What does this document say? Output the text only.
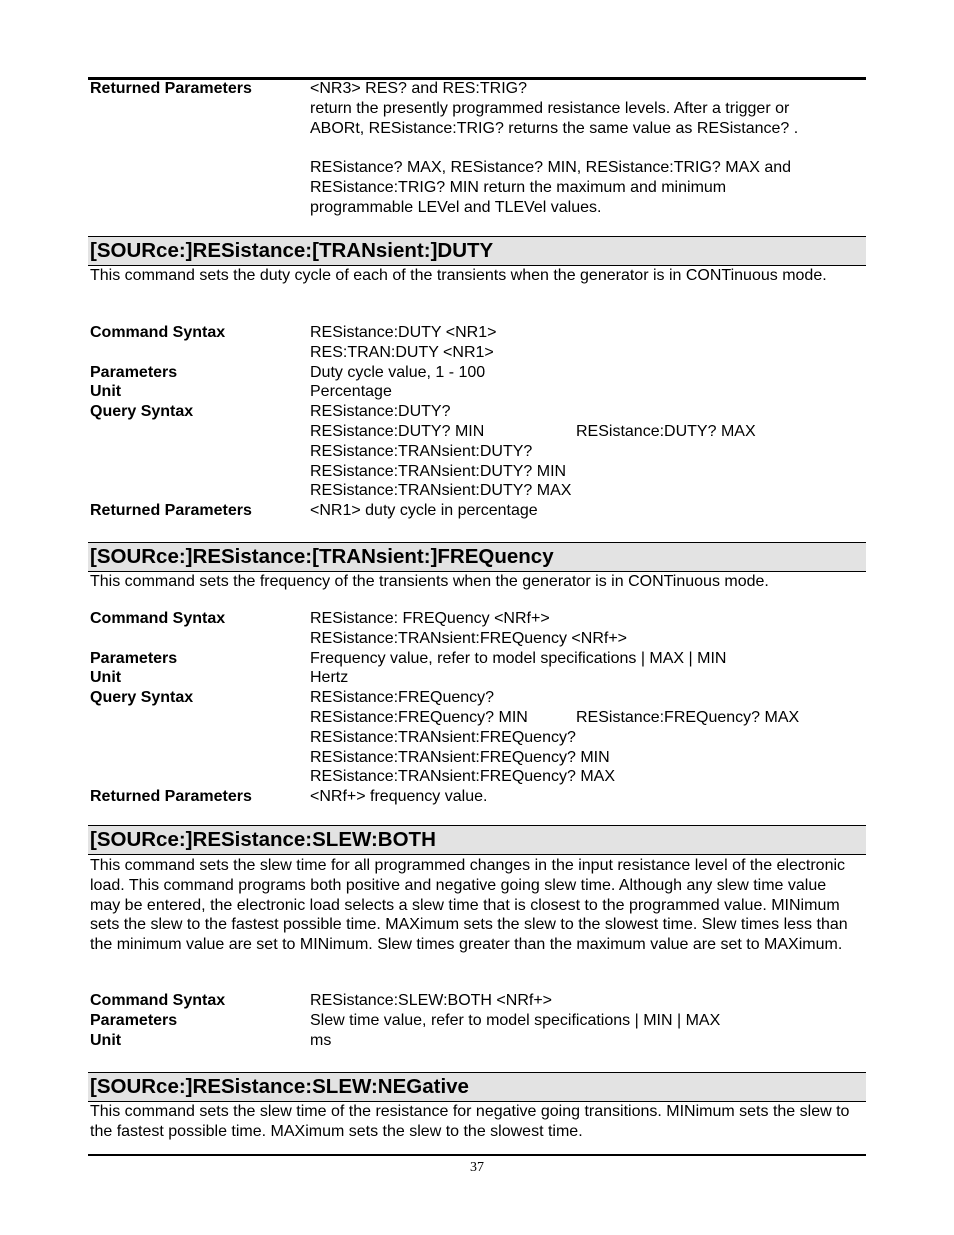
Returned Parameters	<NR3> RES? and RES:TRIG?
return the presently programmed resistance levels. After a trigger or
ABORt, RESistance:TRIG? returns the same value as RESistance? .
RESistance? MAX, RESistance? MIN, RESistance:TRIG? MAX and
RESistance:TRIG? MIN return the maximum and minimum
programmable LEVel and TLEVel values.
[SOURce:]RESistance:[TRANsient:]DUTY
This command sets the duty cycle of each of the transients when the generator is in CONTinuous mode.
Command Syntax	RESistance:DUTY <NR1>
RES:TRAN:DUTY <NR1>
Parameters	Duty cycle value, 1 - 100
Unit	Percentage
Query Syntax	RESistance:DUTY?
RESistance:DUTY? MIN	RESistance:DUTY? MAX
RESistance:TRANsient:DUTY?
RESistance:TRANsient:DUTY? MIN
RESistance:TRANsient:DUTY? MAX
Returned Parameters	<NR1> duty cycle in percentage
[SOURce:]RESistance:[TRANsient:]FREQuency
This command sets the frequency of the transients when the generator is in CONTinuous mode.
Command Syntax	RESistance: FREQuency <NRf+>
RESistance:TRANsient:FREQuency <NRf+>
Parameters	Frequency value, refer to model specifications | MAX | MIN
Unit	Hertz
Query Syntax	RESistance:FREQuency?
RESistance:FREQuency? MIN	RESistance:FREQuency? MAX
RESistance:TRANsient:FREQuency?
RESistance:TRANsient:FREQuency? MIN
RESistance:TRANsient:FREQuency? MAX
Returned Parameters	<NRf+> frequency value.
[SOURce:]RESistance:SLEW:BOTH
This command sets the slew time for all programmed changes in the input resistance level of the electronic load. This command programs both positive and negative going slew time. Although any slew time value may be entered, the electronic load selects a slew time that is closest to the programmed value. MINimum sets the slew to the fastest possible time. MAXimum sets the slew to the slowest time. Slew times less than the minimum value are set to MINimum. Slew times greater than the maximum value are set to MAXimum.
Command Syntax	RESistance:SLEW:BOTH <NRf+>
Parameters	Slew time value, refer to model specifications | MIN | MAX
Unit	ms
[SOURce:]RESistance:SLEW:NEGative
This command sets the slew time of the resistance for negative going transitions. MINimum sets the slew to the fastest possible time. MAXimum sets the slew to the slowest time.
37
